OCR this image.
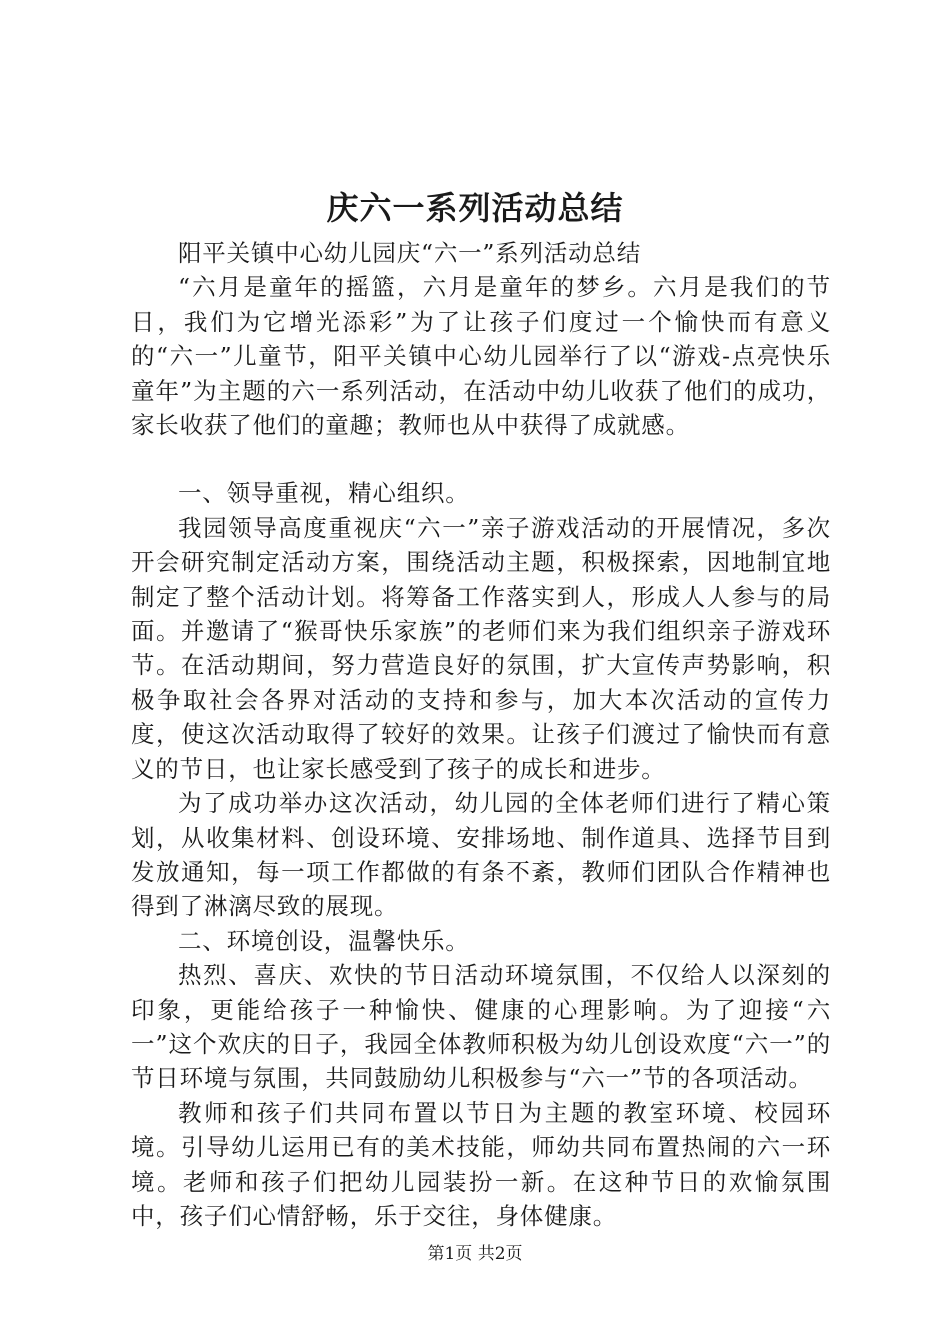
庆六一系列活动总结

阳平关镇中心幼儿园庆“六一”系列活动总结

“六月是童年的摇篮，六月是童年的梦乡。六月是我们的节日，我们为它增光添彩”为了让孩子们度过一个愉快而有意义的“六一”儿童节，阳平关镇中心幼儿园举行了以“游戏-点亮快乐童年”为主题的六一系列活动，在活动中幼儿收获了他们的成功，家长收获了他们的童趣；教师也从中获得了成就感。

一、领导重视，精心组织。

我园领导高度重视庆“六一”亲子游戏活动的开展情况，多次开会研究制定活动方案，围绕活动主题，积极探索，因地制宜地制定了整个活动计划。将筹备工作落实到人，形成人人参与的局面。并邀请了“猴哥快乐家族”的老师们来为我们组织亲子游戏环节。在活动期间，努力营造良好的氛围，扩大宣传声势影响，积极争取社会各界对活动的支持和参与，加大本次活动的宣传力度，使这次活动取得了较好的效果。让孩子们渡过了愉快而有意义的节日，也让家长感受到了孩子的成长和进步。

为了成功举办这次活动，幼儿园的全体老师们进行了精心策划，从收集材料、创设环境、安排场地、制作道具、选择节目到发放通知，每一项工作都做的有条不紊，教师们团队合作精神也得到了淋漓尽致的展现。

二、环境创设，温馨快乐。

热烈、喜庆、欢快的节日活动环境氛围，不仅给人以深刻的印象，更能给孩子一种愉快、健康的心理影响。为了迎接“六一”这个欢庆的日子，我园全体教师积极为幼儿创设欢度“六一”的节日环境与氛围，共同鼓励幼儿积极参与“六一”节的各项活动。

教师和孩子们共同布置以节日为主题的教室环境、校园环境。引导幼儿运用已有的美术技能，师幼共同布置热闹的六一环境。老师和孩子们把幼儿园装扮一新。在这种节日的欢愉氛围中，孩子们心情舒畅，乐于交往，身体健康。

第1页 共2页
